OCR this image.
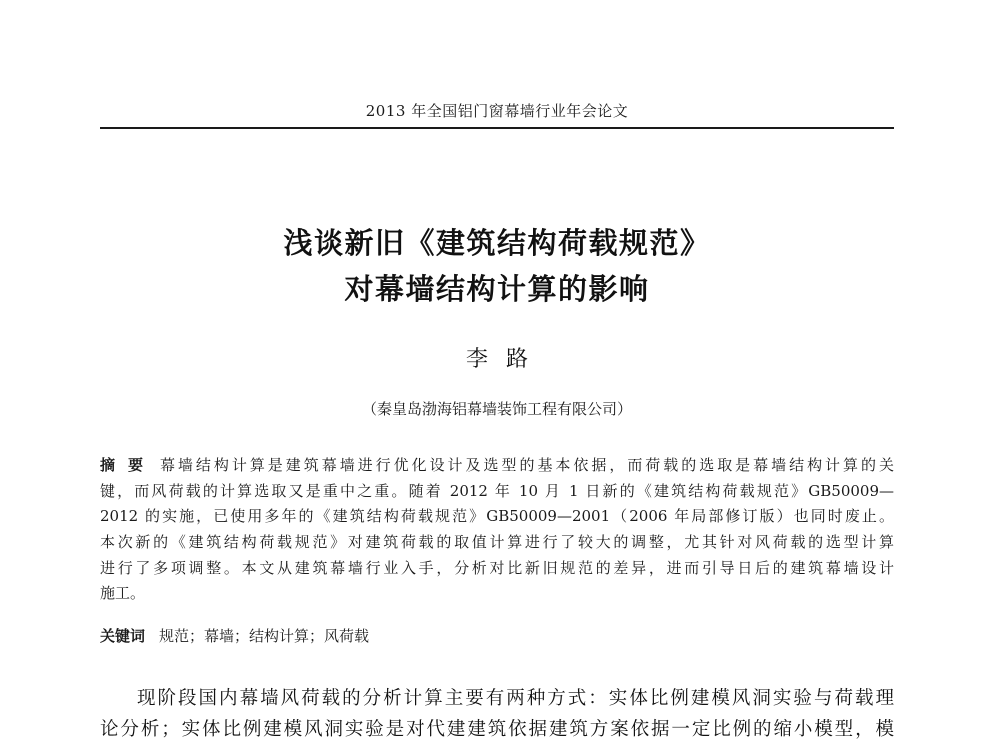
2013 年全国铝门窗幕墙行业年会论文
浅谈新旧《建筑结构荷载规范》
对幕墙结构计算的影响
李路
（秦皇岛渤海铝幕墙装饰工程有限公司）
摘要 幕墙结构计算是建筑幕墙进行优化设计及选型的基本依据，而荷载的选取是幕墙结构计算的关
键，而风荷载的计算选取又是重中之重。随着 2012 年 10 月 1 日新的《建筑结构荷载规范》GB50009—
2012 的实施，已使用多年的《建筑结构荷载规范》GB50009—2001（2006 年局部修订版）也同时废止。
本次新的《建筑结构荷载规范》对建筑荷载的取值计算进行了较大的调整，尤其针对风荷载的选型计算
进行了多项调整。本文从建筑幕墙行业入手，分析对比新旧规范的差异，进而引导日后的建筑幕墙设计
施工。
关键词 规范；幕墙；结构计算；风荷载
现阶段国内幕墙风荷载的分析计算主要有两种方式：实体比例建模风洞实验与荷载理
论分析；实体比例建模风洞实验是对代建建筑依据建筑方案依据一定比例的缩小模型，模
